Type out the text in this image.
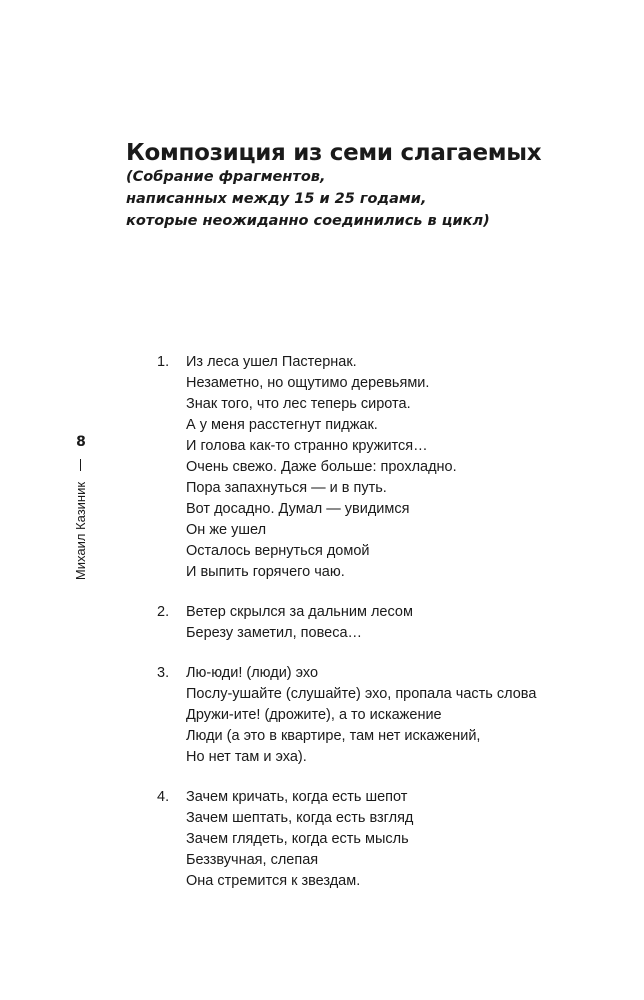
Композиция из семи слагаемых
(Собрание фрагментов,
написанных между 15 и 25 годами,
которые неожиданно соединились в цикл)
8
Михаил Казиник
1.	Из леса ушел Пастернак.
Незаметно, но ощутимо деревьями.
Знак того, что лес теперь сирота.
А у меня расстегнут пиджак.
И голова как-то странно кружится…
Очень свежо. Даже больше: прохладно.
Пора запахнуться — и в путь.
Вот досадно. Думал — увидимся
Он же ушел
Осталось вернуться домой
И выпить горячего чаю.
2.	Ветер скрылся за дальним лесом
Березу заметил, повеса…
3.	Лю-юди! (люди) эхо
Послу-ушайте (слушайте) эхо, пропала часть слова
Дружи-ите! (дрожите), а то искажение
Люди (а это в квартире, там нет искажений,
Но нет там и эха).
4.	Зачем кричать, когда есть шепот
Зачем шептать, когда есть взгляд
Зачем глядеть, когда есть мысль
Беззвучная, слепая
Она стремится к звездам.
